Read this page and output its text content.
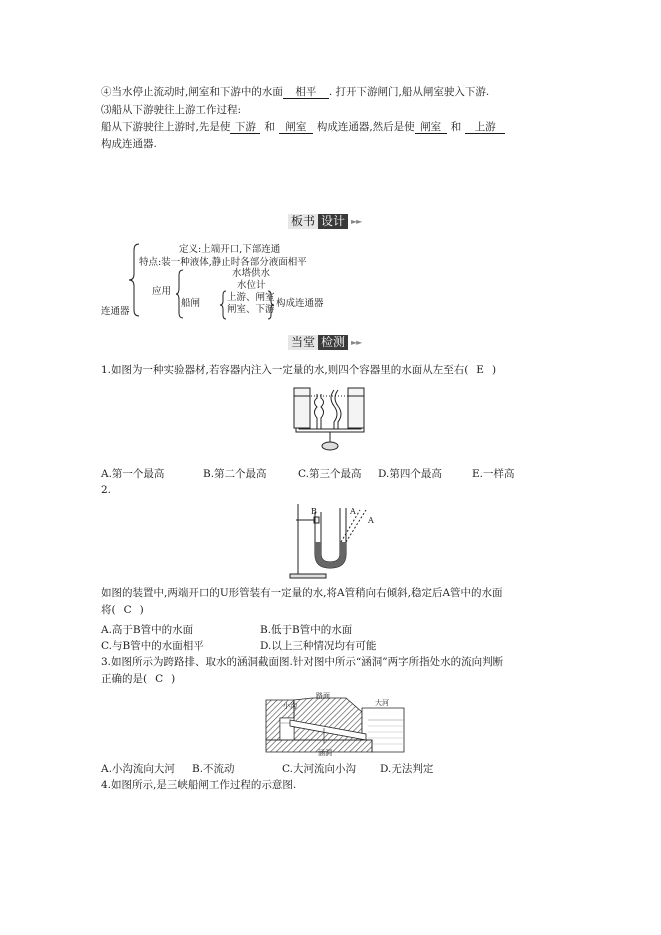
④当水停止流动时,闸室和下游中的水面 相平 . 打开下游闸门,船从闸室驶入下游.
⑶船从下游驶往上游工作过程:
船从下游驶往上游时,先是使 下游 和 闸室 构成连通器,然后是使 闸室 和 上游
构成连通器.
板书 设计 ►►
连通器
定义:上端开口,下部连通
特点:装一种液体,静止时各部分液面相平
应用
水塔供水
水位计
船闸
上游、闸室
闸室、下游
构成连通器
当堂 检测 ►►
1.如图为一种实验器材,若容器内注入一定量的水,则四个容器里的水面从左至右( E )
A.第一个最高	B.第二个最高	C.第三个最高 D.第四个最高	E.一样高
2.
B	A
A
如图的装置中,两端开口的U形管装有一定量的水,将A管稍向右倾斜,稳定后A管中的水面
将( C )
A.高于B管中的水面	B.低于B管中的水面
C.与B管中的水面相平	D.以上三种情况均有可能
3.如图所示为跨路排、取水的涵洞截面图.针对图中所示“涵洞”两字所指处水的流向判断
正确的是( C )
路面
小沟	大河
涵洞
A.小沟流向大河 B.不流动	C.大河流向小沟 D.无法判定
4.如图所示,是三峡船闸工作过程的示意图.
